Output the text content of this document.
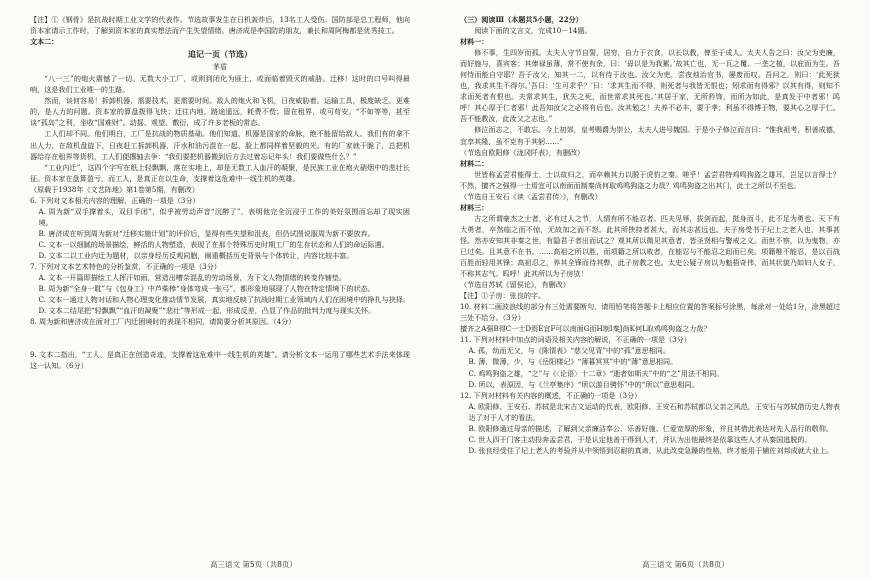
【注】①《钢骨》是抗战时期工业文学的代表作。节选故事发生在日机轰炸后，13名工人受伤。国防部是总工程师，他向资本家请示工作时，了解到资本家的真实想法而产生失望情绪。唐济成是李国防的朋友，兼长和周阿梅都是优秀技工。

文本二：

追记一页（节选）
茅盾

“八一三”的炮火震憾了一切。无数大小工厂，或则到闭化为匪土，或面临着毁灭的威胁。迁移！这时的口号叫得最响，这是我们工业唯一的生路。

然而，谈何容易！拆卸机器，需要技术，更需要时间。敌人的炮火和飞机，日夜威胁着。运输工具，极度缺乏。更难的，是人力的问题。资本家的算盘拨得飞快；迁往内地，路途遥远，耗费不赀；留在租界，或可苟安。“不如等等，甚至谈“孤岛”之利，坐收“国难财”。动摇、观望、敷衍，成了许多老板的常态。

工人们却不同。他们明白，工厂是抗战的物质基础。他们知道，机器是国家的命脉，绝不能留给敌人。我们有的拿不出人力，在敌机盘旋下，日夜赶工拆卸机器，汗水和油污混在一起，脸上都同样着坚毅的光。有的厂家就干脆了，总把机器给存在租界等货机，工人们便撂轴去争：“我们要把机器搬到后方去过着忘记年头！我们要做些什么？”

“工业内迁”，这四个字写在纸上轻飘飘，落在实地上，却是无数工人血汗的凝聚，是民族工业在炮火硝烟中的悲壮长征。资本家在盘算盈亏，而工人，是真正在以生命，支撑着这危难中一线生机的英雄。

（原载于1938年《文艺阵地》第1卷第5期，有删改）

6. 下列对文本相关内容的理解，正确的一项是（3分）

A. 周为新“双手撑着头，双目手闭”，似乎被劳动声音“沉醉了”，表明他完全沉浸于工作的美好氛围而忘却了现实困境。

B. 唐济成在听到周为新对“迁移实施计划”的评价后，显得有些失望和沮丧，但仍试图说服周为新不要放弃。

C. 文本一以细腻的场景描绘，鲜活的人物塑造，表现了在那个特殊历史时期工厂的生存状态和人们的命运际遇。

D. 文本二以工业内迁为题材，以亲身经历反观同胞，阐重概括历史背景与个体转让，内容比较丰富。

7. 下列对文本艺术特色的分析鉴赏，不正确的一项是（3分）

A. 文本一开篇即描绘工人挥汗如雨，营造出嘈杂混乱的劳动场景，为下文人物情绪的转变作铺垫。

B. 周为新“全身一耽”与《包身工》中芦柴棒“身体弯成一张弓”，都形象地展现了人物在特定情境下的状态。

C. 文本一通过人物对话和人物心理变化推动情节发展，真实地反映了抗战时期工业领域内人们在困境中的挣扎与抉择。

D. 文本二结尾把“轻飘飘”“血汗的凝聚”“悲壮”等形成一起，形成反差，凸显了作品的批判力度与现实关怀。

8. 周为新和唐济成在面对工厂内迁困境时的表现不相同，请简要分析其原因。（4分）

9. 文本二指出，“工人，是真正在创造奇迹，支撑着这危难中一线生机的英雄”。请分析文本一运用了哪些艺术手法来体现这一认知。（6分）

高三语文 第5页（共8页）

（三）阅读Ⅲ（本题共5小题，22分）

阅读下面的文言文，完成10－14题。

材料一：

修不事，生四岁而孤。太夫人守节自誓，居穷，自力于衣食，以长以教，俾至于成人。太夫人告之曰：汝父为吏廉，而好施与，喜宾客；其俸禄虽薄，常不使有余，曰：‘毋以是为我累。’故其亡也，无一瓦之覆、一垄之植，以庇而为生。吾何恃而能自守耶？吾于汝父，知其一二，以有待于汝也。汝父为吏，尝夜烛治官书，屡废而叹。吾问之，则曰：‘此死狱也，我求其生不得尔。’吾曰：‘生可求乎？’曰：‘求其生而不得，则死者与我皆无恨也；矧求而有得邪？以其有得，则知不求而死者有恨也。夫常求其生，犹失之死，而世常求其死也。’其居于家，无所矜饰，而所为如此，是真发于中者邪！呜呼！其心厚于仁者邪！此吾知汝父之必将有后也。汝其勉之！夫养不必丰，要于孝；利虽不得博于物，要其心之厚于仁。吾不能教汝，此汝父之志也。”

修泣而志之，不敢忘。今上初郊，皇考赐爵为崇公，太夫人进号魏国。于是小子修泣而言曰：“惟我祖考，积善成德，宜享其隆，虽不克有于其躬……”

（节选自欧阳修《泷冈阡表》，有删改）

材料二：

世皆称孟尝君能得士，士以故归之，而卒赖其力以脱于虎豹之秦。嗟乎！孟尝君特鸡鸣狗盗之雄耳，岂足以言得士？不然，擅齐之强得一士焉宜可以南面而制秦尚何取鸡鸣狗盗之力哉？鸡鸣狗盗之出其门，此士之所以不至也。

（节选自王安石《读〈孟尝君传〉》，有删改）

材料三：

古之所谓豪杰之士者，必有过人之节，人情有所不能忍者。匹夫见辱，拔剑而起，挺身而斗，此不足为勇也。天下有大勇者，卒然临之而不惊，无故加之而不怒。此其所挟持者甚大，而其志甚远也。夫子房受书于圮上之老人也，其事甚怪。然亦安知其非秦之世，有隐君子者出而试之？观其所以微见其意者，皆圣贤相与警戒之义。而世不察，以为鬼物，亦已过矣。且其意不在书。……高祖之所以胜，而项籍之所以败者，在能忍与不能忍之间而已矣。项籍唯不能忍，是以百战百胜而轻用其锋；高祖忍之，养其全锋而待其弊，此子房教之也。太史公疑子房以为魁梧奇伟，而其状貌乃如妇人女子，不称其志气。呜呼！此其所以为子房欤！

（节选自苏轼《留侯论》，有删改）

【注】①子房：张良的字。

10. 材料二画波浪线的部分有三处需要断句，请用铅笔将答题卡上相应位置的答案标号涂黑，每涂对一处给1分，涂黑超过三处不给分。（3分）

擅齐之A强B得C一士D焉E宜F可以南面G而H制I秦J尚K何L取鸡鸣狗盗之力哉？

11. 下列对材料中加点的词语及相关内容的解说，不正确的一项是（3分）

A. 孤，幼而无父，与《陈情表》“慈父见背”中的“孤”意思相同。

B. 薄，微薄，少，与《岳阳楼记》“薄暮冥冥”中的“薄”意思相同。

C. 鸡鸣狗盗之雄，“之”与《〈论语〉十二章》“逝者如斯夫”中的“之”用法不相同。

D. 所以，表原因，与《兰亭集序》“所以游目骋怀”中的“所以”意思相同。

12. 下列对材料有关内容的概述，不正确的一项是（3分）

A. 欧阳修、王安石、苏轼是北宋古文运动的代表，欧阳修、王安石和苏轼都以父亲之风范，王安石与苏轼借历史人物表达了对于人才的看法。

B. 欧阳修通过母亲的描述，了解到父亲廉洁奉公、乐善好施、仁爱宽厚的形象，并且其借此表达对先人品行的敬仰。

C. 世人四于门客主动投奔孟尝君，于是认定他善于得到人才，并认为出他最终是依靠这些人才从秦国逃脱的。

D. 张良经受住了圮上老人的考验并从中领悟到忍耐的真谛，从此改变急躁的性格，终才能用于辅佐刘邦成就大业上。

高三语文 第6页（共8页）
